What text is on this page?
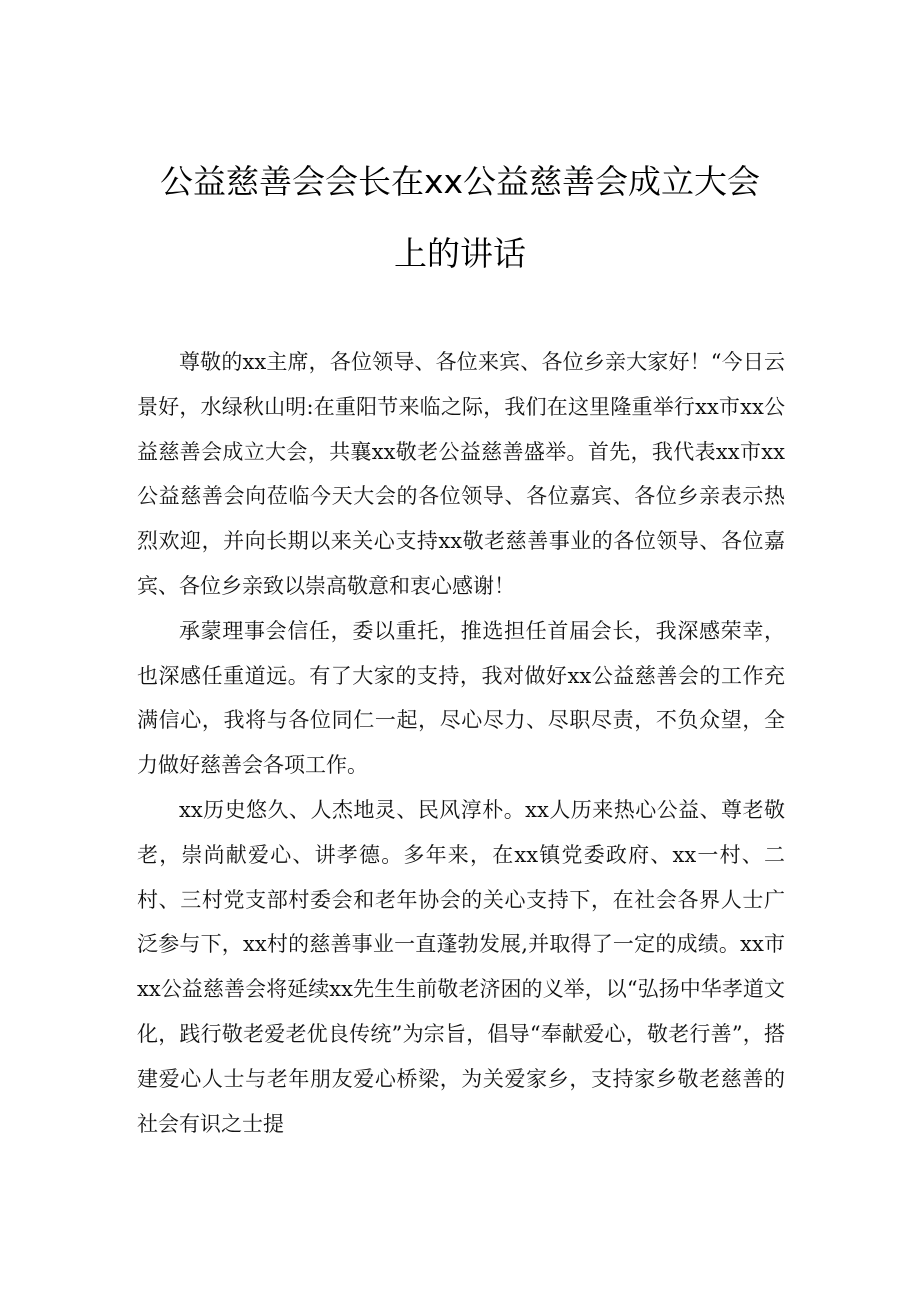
公益慈善会会长在xx公益慈善会成立大会
上的讲话

尊敬的xx主席，各位领导、各位来宾、各位乡亲大家好！“今日云景好，水绿秋山明:在重阳节来临之际，我们在这里隆重举行xx市xx公益慈善会成立大会，共襄xx敬老公益慈善盛举。首先，我代表xx市xx公益慈善会向莅临今天大会的各位领导、各位嘉宾、各位乡亲表示热烈欢迎，并向长期以来关心支持xx敬老慈善事业的各位领导、各位嘉宾、各位乡亲致以崇高敬意和衷心感谢！

承蒙理事会信任，委以重托，推选担任首届会长，我深感荣幸，也深感任重道远。有了大家的支持，我对做好xx公益慈善会的工作充满信心，我将与各位同仁一起，尽心尽力、尽职尽责，不负众望，全力做好慈善会各项工作。

xx历史悠久、人杰地灵、民风淳朴。xx人历来热心公益、尊老敬老，崇尚献爱心、讲孝德。多年来，在xx镇党委政府、xx一村、二村、三村党支部村委会和老年协会的关心支持下，在社会各界人士广泛参与下，xx村的慈善事业一直蓬勃发展,并取得了一定的成绩。xx市xx公益慈善会将延续xx先生生前敬老济困的义举，以“弘扬中华孝道文化，践行敬老爱老优良传统”为宗旨，倡导“奉献爱心，敬老行善”，搭建爱心人士与老年朋友爱心桥梁，为关爱家乡，支持家乡敬老慈善的社会有识之士提
